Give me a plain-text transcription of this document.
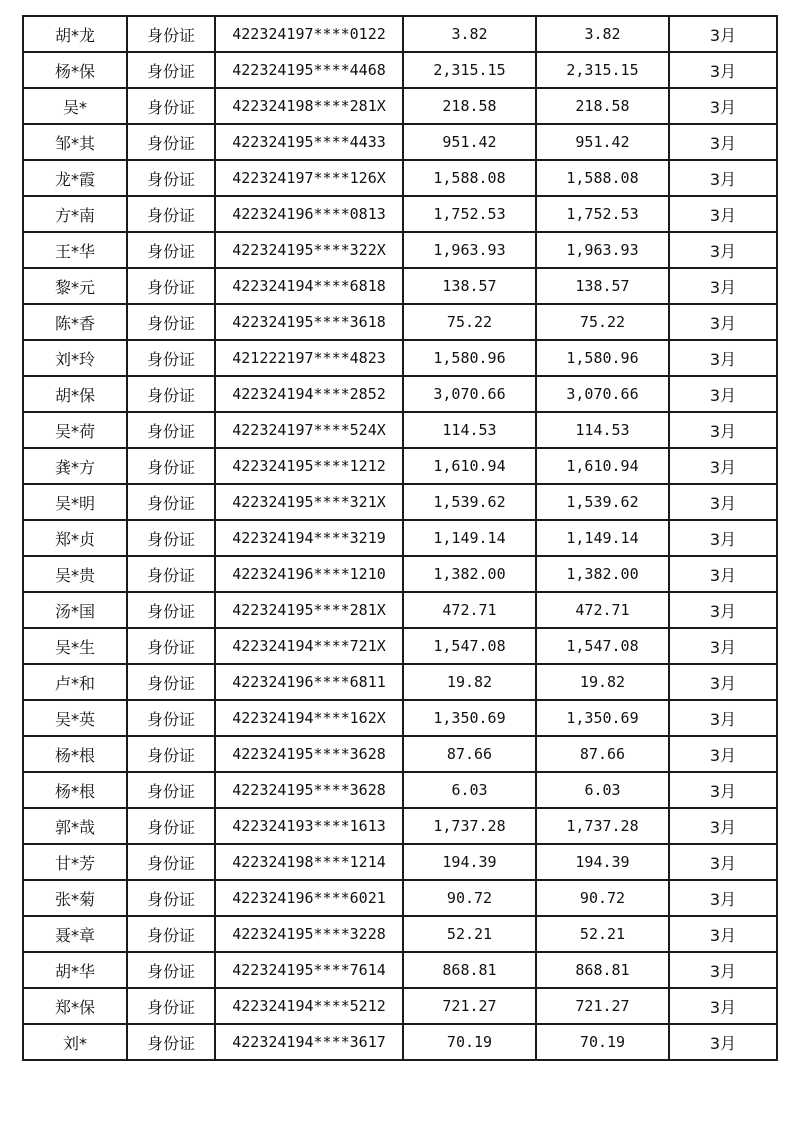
胡*龙	身份证	422324197****0122	3.82	3.82	3月
杨*保	身份证	422324195****4468	2,315.15	2,315.15	3月
吴*	身份证	422324198****281X	218.58	218.58	3月
邹*其	身份证	422324195****4433	951.42	951.42	3月
龙*霞	身份证	422324197****126X	1,588.08	1,588.08	3月
方*南	身份证	422324196****0813	1,752.53	1,752.53	3月
王*华	身份证	422324195****322X	1,963.93	1,963.93	3月
黎*元	身份证	422324194****6818	138.57	138.57	3月
陈*香	身份证	422324195****3618	75.22	75.22	3月
刘*玲	身份证	421222197****4823	1,580.96	1,580.96	3月
胡*保	身份证	422324194****2852	3,070.66	3,070.66	3月
吴*荷	身份证	422324197****524X	114.53	114.53	3月
龚*方	身份证	422324195****1212	1,610.94	1,610.94	3月
吴*明	身份证	422324195****321X	1,539.62	1,539.62	3月
郑*贞	身份证	422324194****3219	1,149.14	1,149.14	3月
吴*贵	身份证	422324196****1210	1,382.00	1,382.00	3月
汤*国	身份证	422324195****281X	472.71	472.71	3月
吴*生	身份证	422324194****721X	1,547.08	1,547.08	3月
卢*和	身份证	422324196****6811	19.82	19.82	3月
吴*英	身份证	422324194****162X	1,350.69	1,350.69	3月
杨*根	身份证	422324195****3628	87.66	87.66	3月
杨*根	身份证	422324195****3628	6.03	6.03	3月
郭*哉	身份证	422324193****1613	1,737.28	1,737.28	3月
甘*芳	身份证	422324198****1214	194.39	194.39	3月
张*菊	身份证	422324196****6021	90.72	90.72	3月
聂*章	身份证	422324195****3228	52.21	52.21	3月
胡*华	身份证	422324195****7614	868.81	868.81	3月
郑*保	身份证	422324194****5212	721.27	721.27	3月
刘*	身份证	422324194****3617	70.19	70.19	3月
